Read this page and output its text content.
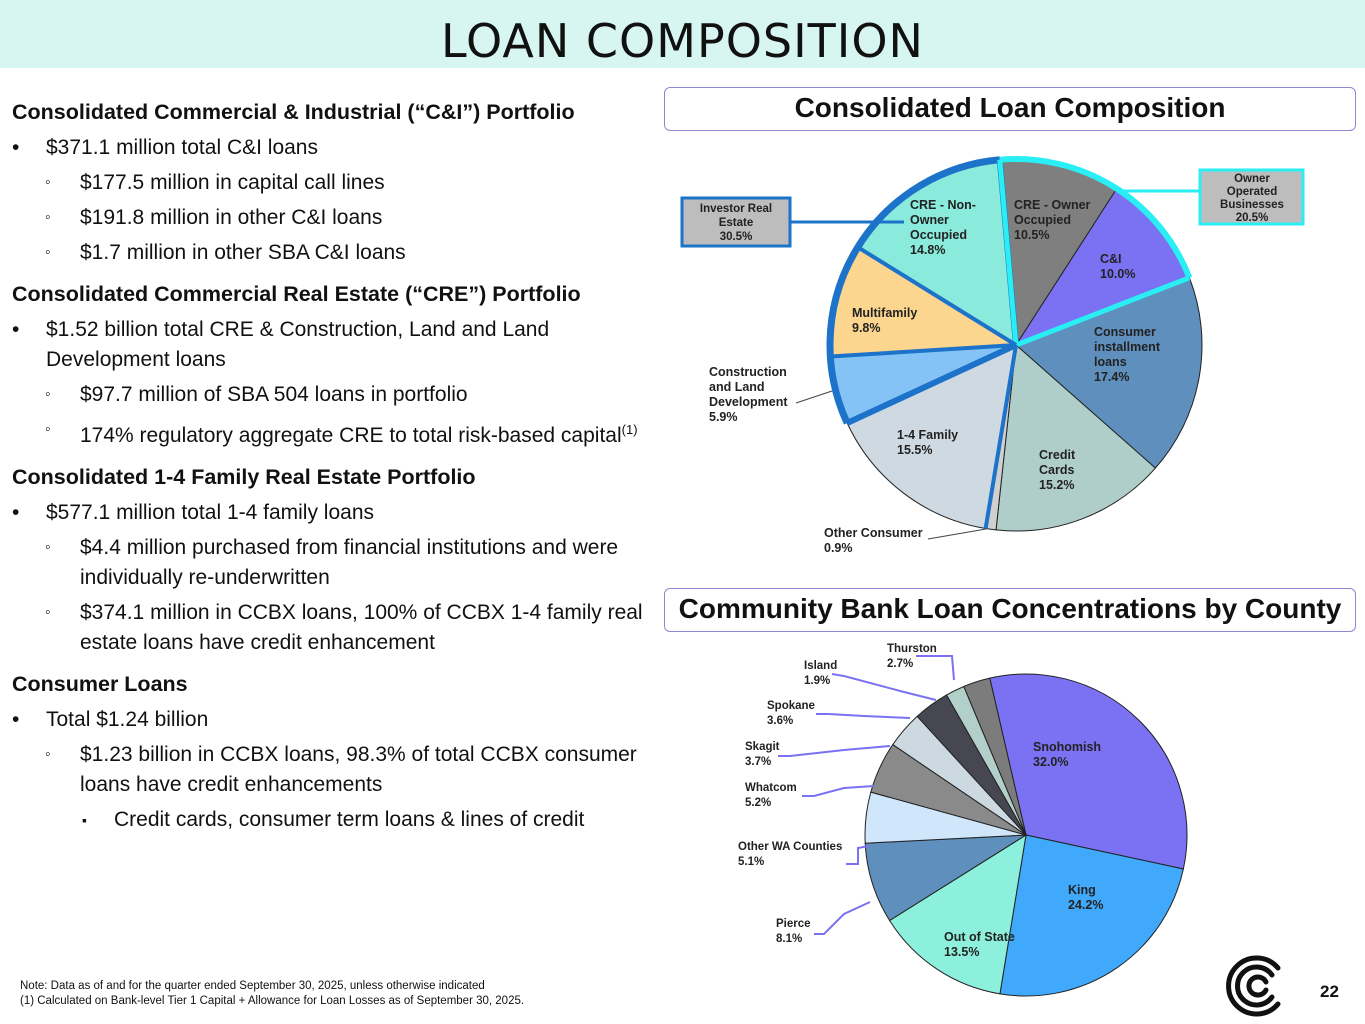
LOAN COMPOSITION
Consolidated Commercial & Industrial (“C&I”) Portfolio
• $371.1 million total C&I loans
◦ $177.5 million in capital call lines
◦ $191.8 million in other C&I loans
◦ $1.7 million in other SBA C&I loans
Consolidated Commercial Real Estate (“CRE”) Portfolio
• $1.52 billion total CRE & Construction, Land and Land Development loans
◦ $97.7 million of SBA 504 loans in portfolio
◦ 174% regulatory aggregate CRE to total risk-based capital$^{(1)}$
Consolidated 1-4 Family Real Estate Portfolio
• $577.1 million total 1-4 family loans
◦ $4.4 million purchased from financial institutions and were individually re-underwritten
◦ $374.1 million in CCBX loans, 100% of CCBX 1-4 family real estate loans have credit enhancement
Consumer Loans
• Total $1.24 billion
◦ $1.23 billion in CCBX loans, 98.3% of total CCBX consumer loans have credit enhancements
▪ Credit cards, consumer term loans & lines of credit
Consolidated Loan Composition
Community Bank Loan Concentrations by County
CRE - Owner Occupied 10.5%
C&I 10.0%
Consumer installment loans 17.4%
Credit Cards 15.2%
1-4 Family 15.5%
Multifamily 9.8%
CRE - Non-Owner Occupied 14.8%
Construction and Land Development 5.9%
Other Consumer 0.9%
Investor Real Estate 30.5%
Owner Operated Businesses 20.5%
Snohomish 32.0%
King 24.2%
Out of State 13.5%
Pierce 8.1%
Other WA Counties 5.1%
Whatcom 5.2%
Skagit 3.7%
Spokane 3.6%
Island 1.9%
Thurston 2.7%
Note: Data as of and for the quarter ended September 30, 2025, unless otherwise indicated
(1) Calculated on Bank-level Tier 1 Capital + Allowance for Loan Losses as of September 30, 2025.	22
